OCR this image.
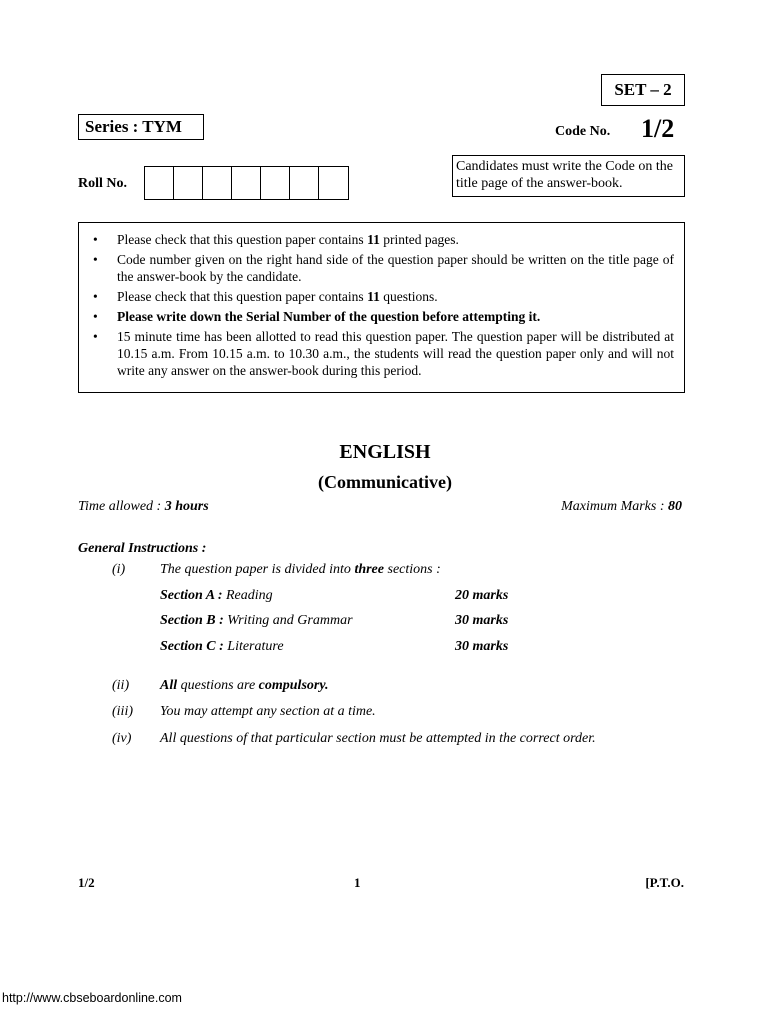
SET – 2
Series : TYM	Code No. 1/2
Candidates must write the Code on the title page of the answer-book.
Roll No.
• Please check that this question paper contains 11 printed pages.
• Code number given on the right hand side of the question paper should be written on the title page of the answer-book by the candidate.
• Please check that this question paper contains 11 questions.
• Please write down the Serial Number of the question before attempting it.
• 15 minute time has been allotted to read this question paper. The question paper will be distributed at 10.15 a.m. From 10.15 a.m. to 10.30 a.m., the students will read the question paper only and will not write any answer on the answer-book during this period.
ENGLISH
(Communicative)
Time allowed : 3 hours	Maximum Marks : 80
General Instructions :
(i) The question paper is divided into three sections :
Section A : Reading	20 marks
Section B : Writing and Grammar	30 marks
Section C : Literature	30 marks
(ii) All questions are compulsory.
(iii) You may attempt any section at a time.
(iv) All questions of that particular section must be attempted in the correct order.
1/2	1	[P.T.O.
http://www.cbseboardonline.com
